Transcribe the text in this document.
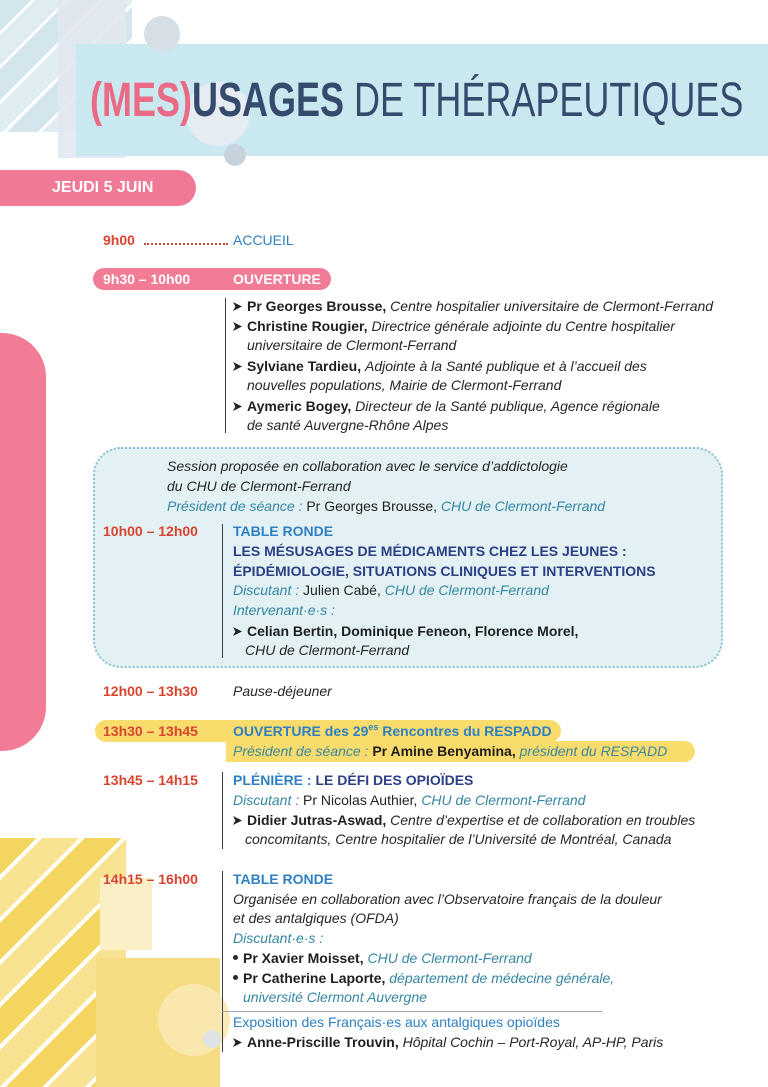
(MES)USAGES DE THÉRAPEUTIQUES
JEUDI 5 JUIN
9h00	ACCUEIL
9h30 – 10h00	OUVERTURE
Pr Georges Brousse, Centre hospitalier universitaire de Clermont-Ferrand
Christine Rougier, Directrice générale adjointe du Centre hospitalier
universitaire de Clermont-Ferrand
Sylviane Tardieu, Adjointe à la Santé publique et à l’accueil des
nouvelles populations, Mairie de Clermont-Ferrand
Aymeric Bogey, Directeur de la Santé publique, Agence régionale
de santé Auvergne-Rhône Alpes
Session proposée en collaboration avec le service d’addictologie
du CHU de Clermont-Ferrand
Président de séance : Pr Georges Brousse, CHU de Clermont-Ferrand
10h00 – 12h00	TABLE RONDE
LES MÉSUSAGES DE MÉDICAMENTS CHEZ LES JEUNES :
ÉPIDÉMIOLOGIE, SITUATIONS CLINIQUES ET INTERVENTIONS
Discutant : Julien Cabé, CHU de Clermont-Ferrand
Intervenant·e·s :
Celian Bertin, Dominique Feneon, Florence Morel,
CHU de Clermont-Ferrand
12h00 – 13h30	Pause-déjeuner
13h30 – 13h45	OUVERTURE des $29^{es}$ Rencontres du RESPADD
Président de séance : Pr Amine Benyamina, président du RESPADD
13h45 – 14h15	PLÉNIÈRE : LE DÉFI DES OPIOÏDES
Discutant : Pr Nicolas Authier, CHU de Clermont-Ferrand
Didier Jutras-Aswad, Centre d’expertise et de collaboration en troubles
concomitants, Centre hospitalier de l’Université de Montréal, Canada
14h15 – 16h00	TABLE RONDE
Organisée en collaboration avec l’Observatoire français de la douleur
et des antalgiques (OFDA)
Discutant·e·s :
Pr Xavier Moisset, CHU de Clermont-Ferrand
Pr Catherine Laporte, département de médecine générale,
université Clermont Auvergne
Exposition des Français·es aux antalgiques opioïdes
Anne-Priscille Trouvin, Hôpital Cochin – Port-Royal, AP-HP, Paris
